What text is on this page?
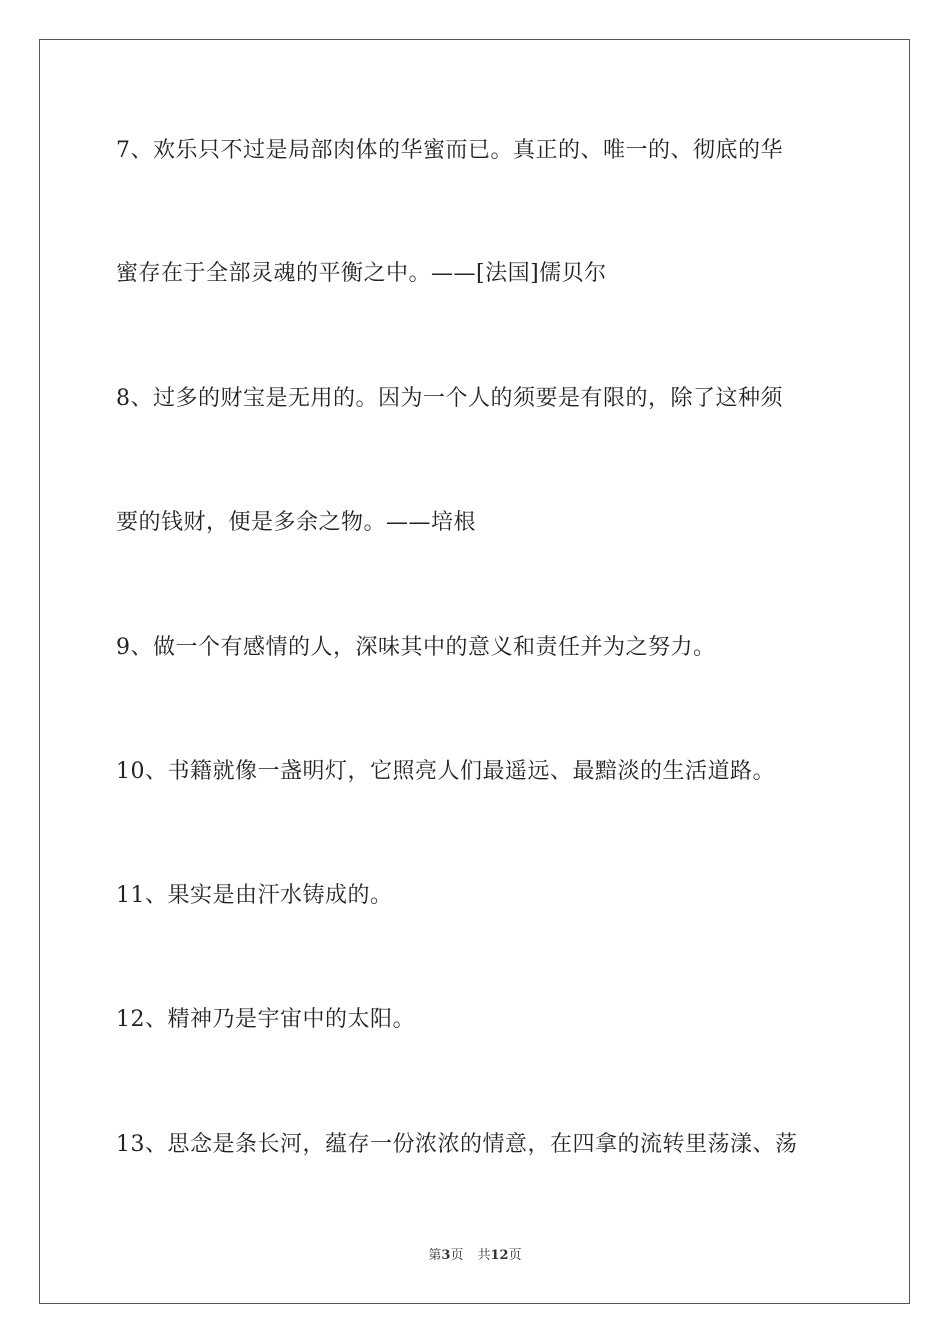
7、欢乐只不过是局部肉体的华蜜而已。真正的、唯一的、彻底的华
蜜存在于全部灵魂的平衡之中。——[法国]儒贝尔
8、过多的财宝是无用的。因为一个人的须要是有限的，除了这种须
要的钱财，便是多余之物。——培根
9、做一个有感情的人，深味其中的意义和责任并为之努力。
10、书籍就像一盏明灯，它照亮人们最遥远、最黯淡的生活道路。
11、果实是由汗水铸成的。
12、精神乃是宇宙中的太阳。
13、思念是条长河，蕴存一份浓浓的情意，在四拿的流转里荡漾、荡
第3页 共12页
